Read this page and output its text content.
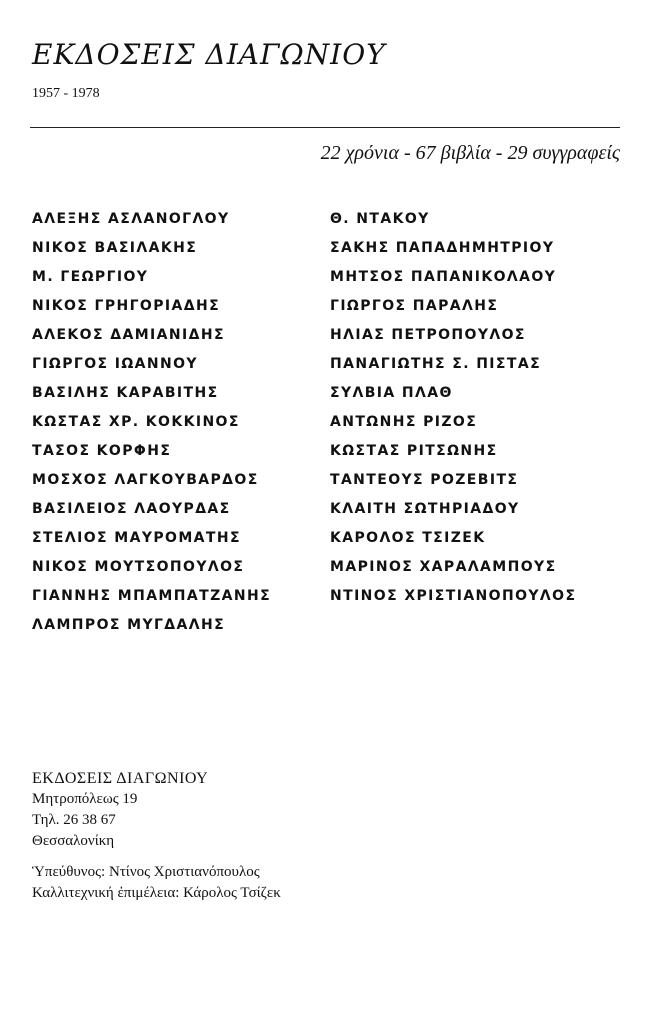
ΕΚΔΟΣΕΙΣ ΔΙΑΓΩΝΙΟΥ
1957 - 1978
22 χρόνια - 67 βιβλία - 29 συγγραφείς
ΑΛΕΞΗΣ ΑΣΛΑΝΟΓΛΟΥ
ΝΙΚΟΣ ΒΑΣΙΛΑΚΗΣ
Μ. ΓΕΩΡΓΙΟΥ
ΝΙΚΟΣ ΓΡΗΓΟΡΙΑΔΗΣ
ΑΛΕΚΟΣ ΔΑΜΙΑΝΙΔΗΣ
ΓΙΩΡΓΟΣ ΙΩΑΝΝΟΥ
ΒΑΣΙΛΗΣ ΚΑΡΑΒΙΤΗΣ
ΚΩΣΤΑΣ ΧΡ. ΚΟΚΚΙΝΟΣ
ΤΑΣΟΣ ΚΟΡΦΗΣ
ΜΟΣΧΟΣ ΛΑΓΚΟΥΒΑΡΔΟΣ
ΒΑΣΙΛΕΙΟΣ ΛΑΟΥΡΔΑΣ
ΣΤΕΛΙΟΣ ΜΑΥΡΟΜΑΤΗΣ
ΝΙΚΟΣ ΜΟΥΤΣΟΠΟΥΛΟΣ
ΓΙΑΝΝΗΣ ΜΠΑΜΠΑΤΖΑΝΗΣ
ΛΑΜΠΡΟΣ ΜΥΓΔΑΛΗΣ
Θ. ΝΤΑΚΟΥ
ΣΑΚΗΣ ΠΑΠΑΔΗΜΗΤΡΙΟΥ
ΜΗΤΣΟΣ ΠΑΠΑΝΙΚΟΛΑΟΥ
ΓΙΩΡΓΟΣ ΠΑΡΑΛΗΣ
ΗΛΙΑΣ ΠΕΤΡΟΠΟΥΛΟΣ
ΠΑΝΑΓΙΩΤΗΣ Σ. ΠΙΣΤΑΣ
ΣΥΛΒΙΑ ΠΛΑΘ
ΑΝΤΩΝΗΣ ΡΙΖΟΣ
ΚΩΣΤΑΣ ΡΙΤΣΩΝΗΣ
ΤΑΝΤΕΟΥΣ ΡΟΖΕΒΙΤΣ
ΚΛΑΙΤΗ ΣΩΤΗΡΙΑΔΟΥ
ΚΑΡΟΛΟΣ ΤΣΙΖΕΚ
ΜΑΡΙΝΟΣ ΧΑΡΑΛΑΜΠΟΥΣ
ΝΤΙΝΟΣ ΧΡΙΣΤΙΑΝΟΠΟΥΛΟΣ
ΕΚΔΟΣΕΙΣ ΔΙΑΓΩΝΙΟΥ
Μητροπόλεως 19
Τηλ. 26 38 67
Θεσσαλονίκη
Ὑπεύθυνος: Ντίνος Χριστιανόπουλος
Καλλιτεχνική ἐπιμέλεια: Κάρολος Τσίζεκ
